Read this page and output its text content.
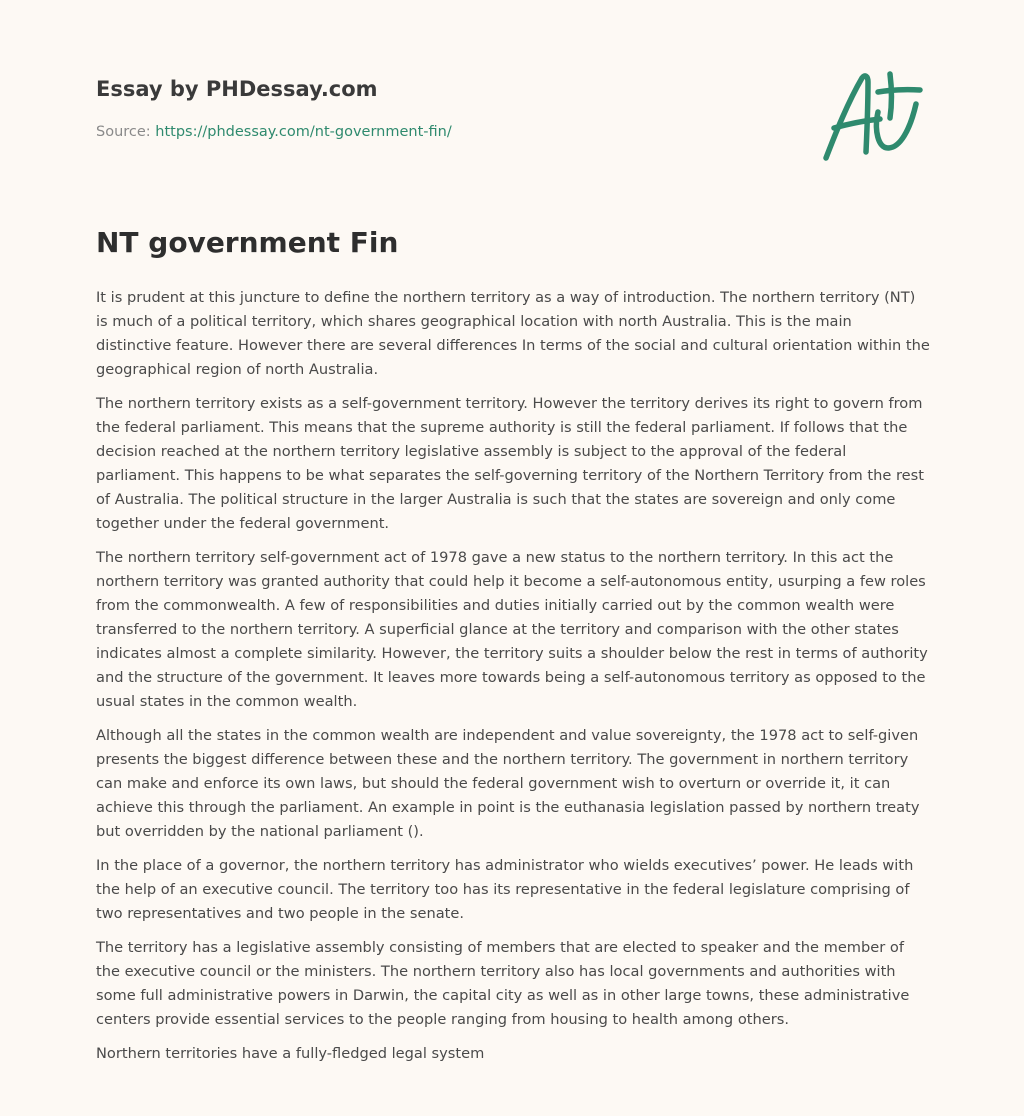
Essay by PHDessay.com
Source: https://phdessay.com/nt-government-fin/
NT government Fin

It is prudent at this juncture to define the northern territory as a way of introduction. The northern territory (NT) is much of a political territory, which shares geographical location with north Australia. This is the main distinctive feature. However there are several differences In terms of the social and cultural orientation within the geographical region of north Australia.

The northern territory exists as a self-government territory. However the territory derives its right to govern from the federal parliament. This means that the supreme authority is still the federal parliament. If follows that the decision reached at the northern territory legislative assembly is subject to the approval of the federal parliament. This happens to be what separates the self-governing territory of the Northern Territory from the rest of Australia. The political structure in the larger Australia is such that the states are sovereign and only come together under the federal government.

The northern territory self-government act of 1978 gave a new status to the northern territory. In this act the northern territory was granted authority that could help it become a self-autonomous entity, usurping a few roles from the commonwealth. A few of responsibilities and duties initially carried out by the common wealth were transferred to the northern territory. A superficial glance at the territory and comparison with the other states indicates almost a complete similarity. However, the territory suits a shoulder below the rest in terms of authority and the structure of the government. It leaves more towards being a self-autonomous territory as opposed to the usual states in the common wealth.

Although all the states in the common wealth are independent and value sovereignty, the 1978 act to self-given presents the biggest difference between these and the northern territory. The government in northern territory can make and enforce its own laws, but should the federal government wish to overturn or override it, it can achieve this through the parliament. An example in point is the euthanasia legislation passed by northern treaty but overridden by the national parliament ().

In the place of a governor, the northern territory has administrator who wields executives’ power. He leads with the help of an executive council. The territory too has its representative in the federal legislature comprising of two representatives and two people in the senate.

The territory has a legislative assembly consisting of members that are elected to speaker and the member of the executive council or the ministers. The northern territory also has local governments and authorities with some full administrative powers in Darwin, the capital city as well as in other large towns, these administrative centers provide essential services to the people ranging from housing to health among others.

Northern territories have a fully-fledged legal system
